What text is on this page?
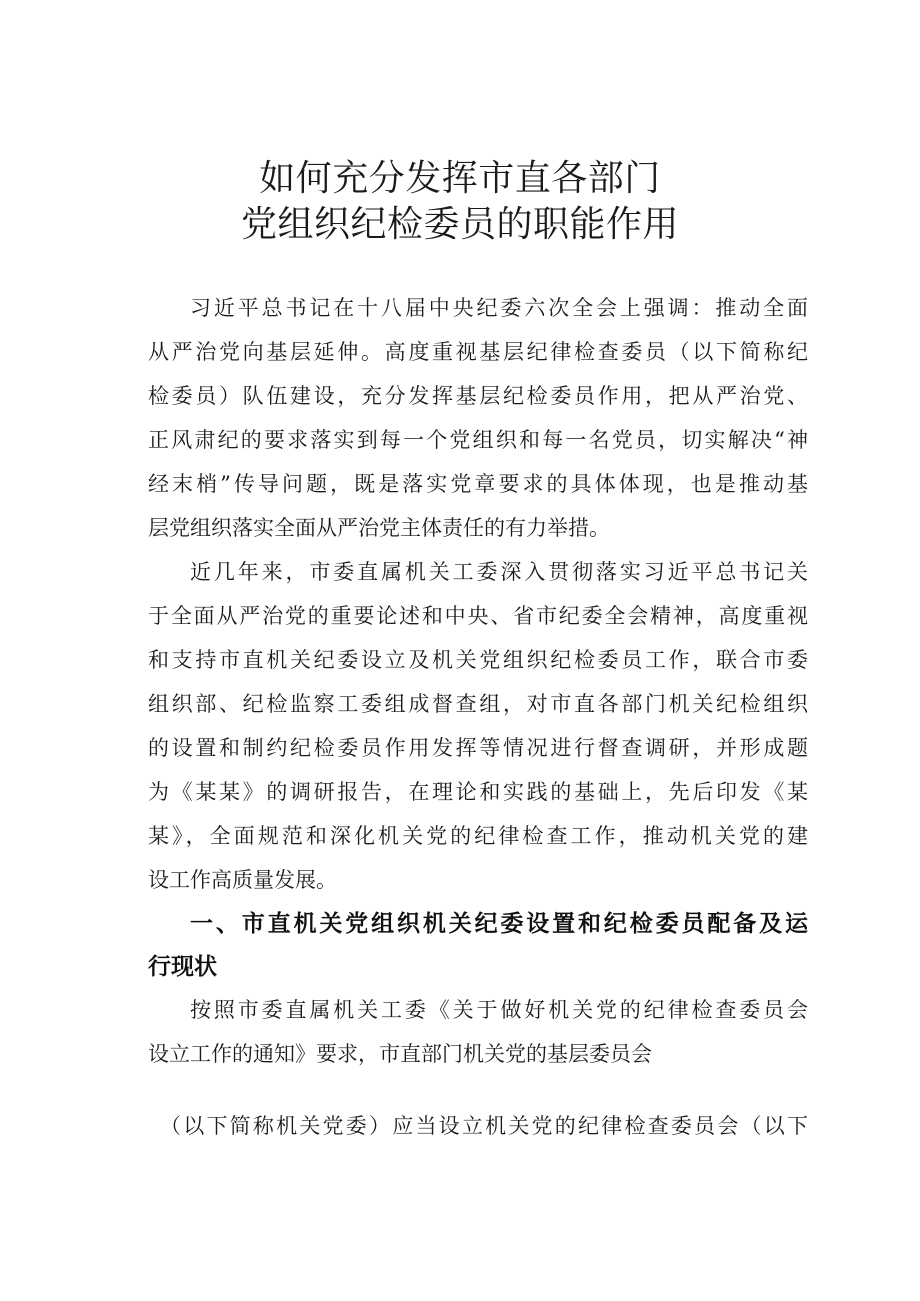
如何充分发挥市直各部门
党组织纪检委员的职能作用
习近平总书记在十八届中央纪委六次全会上强调：推动全面
从严治党向基层延伸。高度重视基层纪律检查委员（以下简称纪
检委员）队伍建设，充分发挥基层纪检委员作用，把从严治党、
正风肃纪的要求落实到每一个党组织和每一名党员，切实解决“神
经末梢”传导问题，既是落实党章要求的具体体现，也是推动基
层党组织落实全面从严治党主体责任的有力举措。
近几年来，市委直属机关工委深入贯彻落实习近平总书记关
于全面从严治党的重要论述和中央、省市纪委全会精神，高度重视
和支持市直机关纪委设立及机关党组织纪检委员工作，联合市委
组织部、纪检监察工委组成督查组，对市直各部门机关纪检组织
的设置和制约纪检委员作用发挥等情况进行督查调研，并形成题
为《某某》的调研报告，在理论和实践的基础上，先后印发《某
某》，全面规范和深化机关党的纪律检查工作，推动机关党的建
设工作高质量发展。
一、市直机关党组织机关纪委设置和纪检委员配备及运
行现状
按照市委直属机关工委《关于做好机关党的纪律检查委员会
设立工作的通知》要求，市直部门机关党的基层委员会
（以下简称机关党委）应当设立机关党的纪律检查委员会（以下
